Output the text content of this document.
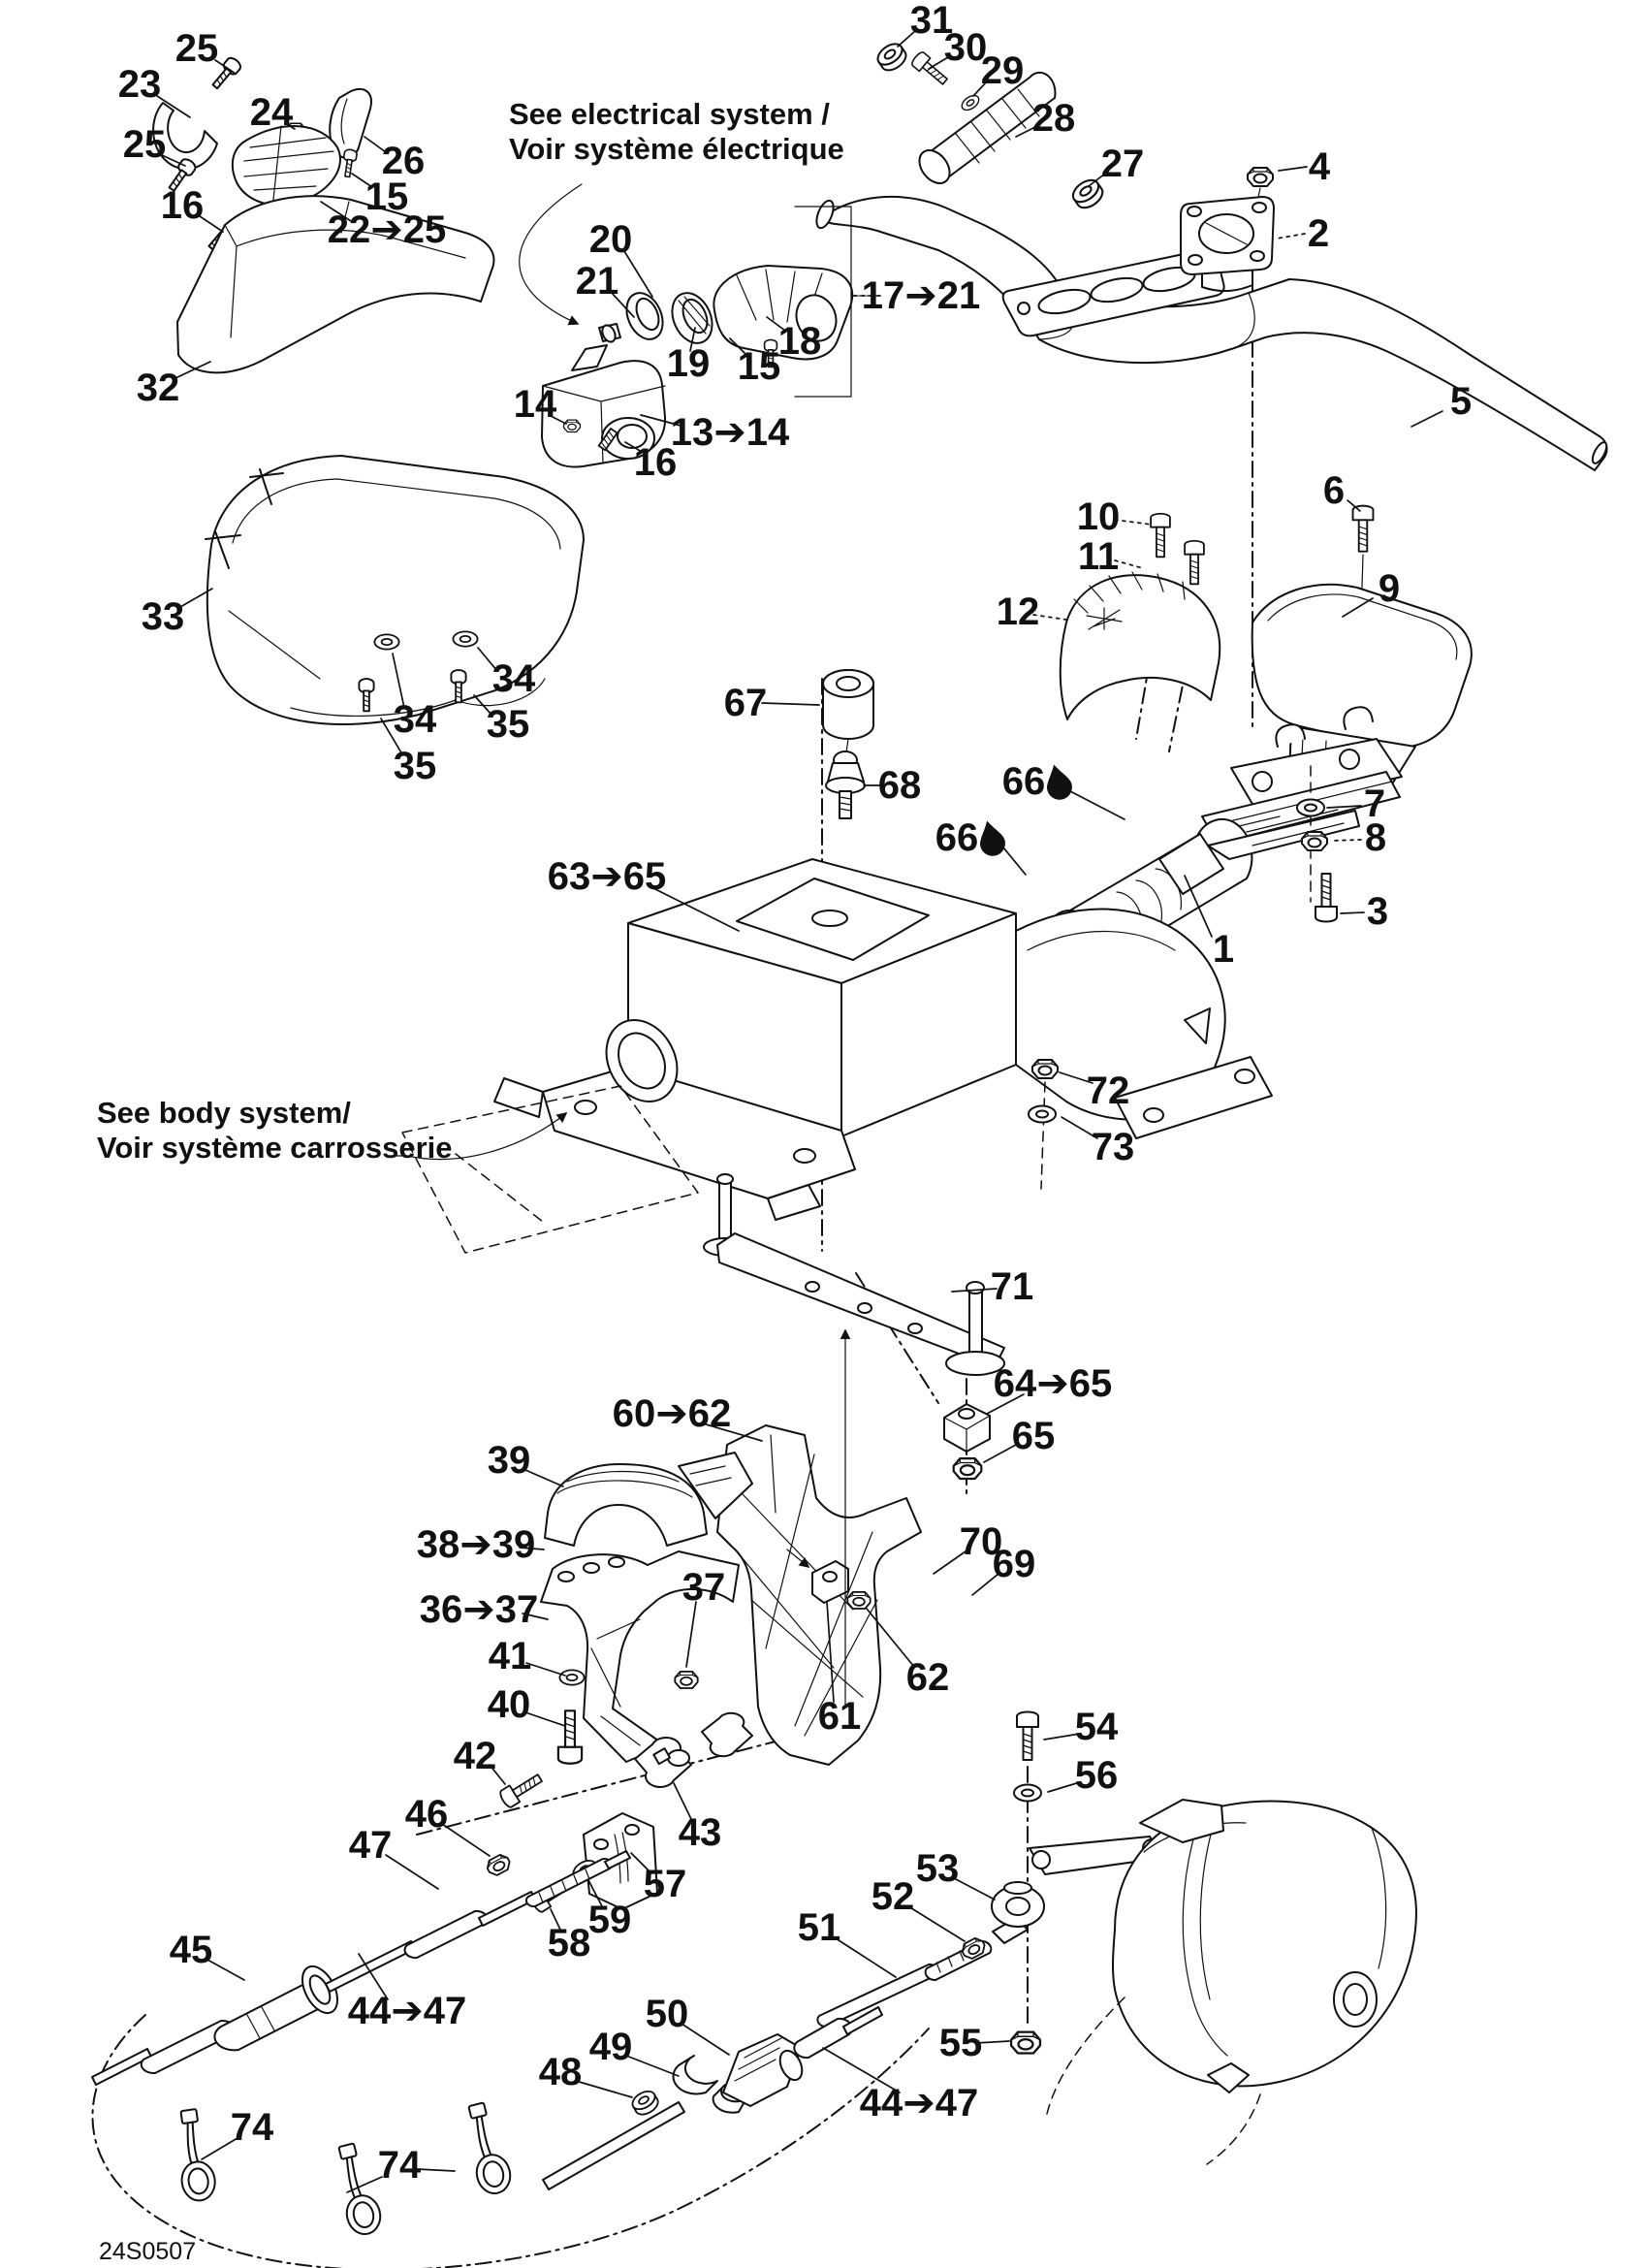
25
23
24
25	26
15
16
22➔25
32
33
34
35
34
35
31
30
29
28
27	4
2
20
21
18
19 15
17➔21
14
13➔14
16
5
6
10
11
9
12
67
68 66
66
7
8
3
1
63➔65
72
73
71
64➔65
65
60➔62
39
38➔39
36➔37
41
40
42
37
70
69
62
61	54
56
46
47	43
57
59
58
53
52
51
45
44➔47	50
49
48
55
44➔47
74
74
See electrical system /
Voir système électrique
See body system/
Voir système carrosserie
24S0507
